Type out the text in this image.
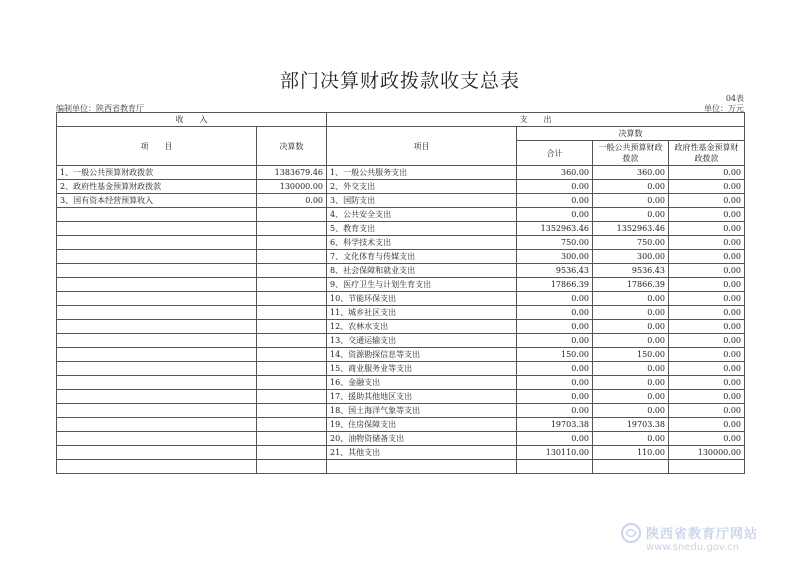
部门决算财政拨款收支总表
04表
编制单位：陕西省教育厅	单位：万元
收　　入		支　　出			
项　　目	决算数	项目	决算数		
			合计	一般公共预算财政拨款	政府性基金预算财政拨款

1、一般公共预算财政拨款	1383679.46	1、一般公共服务支出	360.00	360.00	0.00
2、政府性基金预算财政拨款	130000.00	2、外交支出	0.00	0.00	0.00
3、国有资本经营预算收入	0.00	3、国防支出	0.00	0.00	0.00
		4、公共安全支出	0.00	0.00	0.00
		5、教育支出	1352963.46	1352963.46	0.00
		6、科学技术支出	750.00	750.00	0.00
		7、文化体育与传媒支出	300.00	300.00	0.00
		8、社会保障和就业支出	9536.43	9536.43	0.00
		9、医疗卫生与计划生育支出	17866.39	17866.39	0.00
		10、节能环保支出	0.00	0.00	0.00
		11、城乡社区支出	0.00	0.00	0.00
		12、农林水支出	0.00	0.00	0.00
		13、交通运输支出	0.00	0.00	0.00
		14、资源勘探信息等支出	150.00	150.00	0.00
		15、商业服务业等支出	0.00	0.00	0.00
		16、金融支出	0.00	0.00	0.00
		17、援助其他地区支出	0.00	0.00	0.00
		18、国土海洋气象等支出	0.00	0.00	0.00
		19、住房保障支出	19703.38	19703.38	0.00
		20、油物资储备支出	0.00	0.00	0.00
		21、其他支出	130110.00	110.00	130000.00

陕西省教育厅网站
www.snedu.gov.cn
